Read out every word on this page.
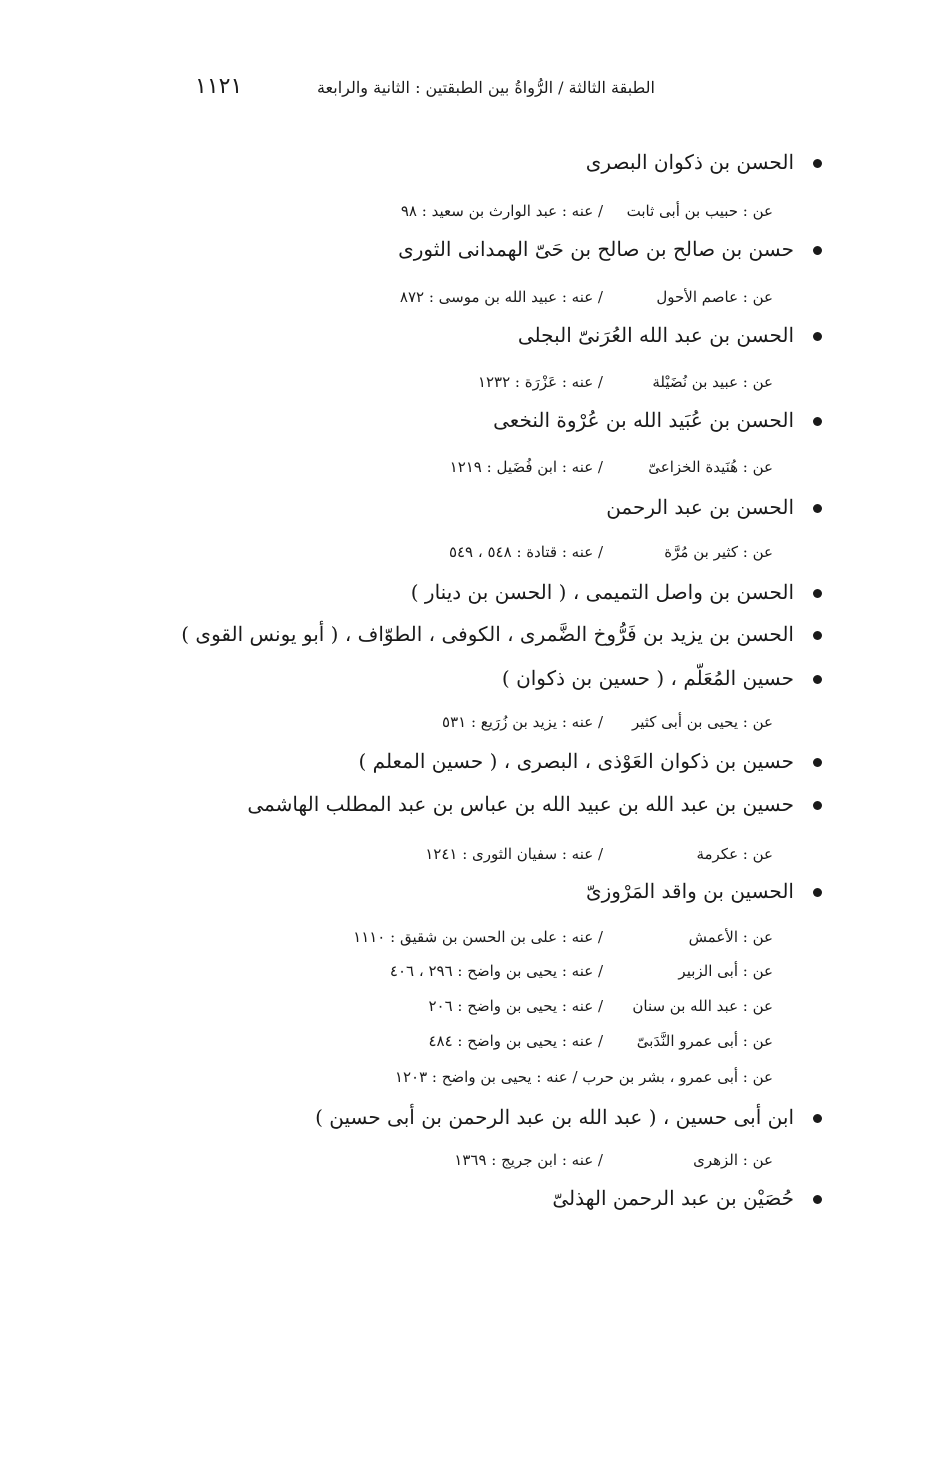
الطبقة الثالثة / الرُّواةُ بين الطبقتين : الثانية والرابعة
١١٢١
الحسن بن ذكوان البصرى
عن : حبيب بن أبى ثابت
/ عنه : عبد الوارث بن سعيد : ٩٨
حسن بن صالح بن صالح بن حَىّ الهمدانى الثورى
عن : عاصم الأحول
/ عنه : عبيد الله بن موسى : ٨٧٢
الحسن بن عبد الله العُرَنىّ البجلى
عن : عبيد بن نُضَيْلة
/ عنه : عَزْرَة : ١٢٣٢
الحسن بن عُبَيد الله بن عُرْوة النخعى
عن : هُنَيدة الخزاعىّ
/ عنه : ابن فُضَيل : ١٢١٩
الحسن بن عبد الرحمن
عن : كثير بن مُرَّة
/ عنه : قتادة : ٥٤٨ ، ٥٤٩
الحسن بن واصل التميمى ، ( الحسن بن دينار )
الحسن بن يزيد بن فَرُّوخ الضَّمرى ، الكوفى ، الطوّاف ، ( أبو يونس القوى )
حسين المُعَلّم ، ( حسين بن ذكوان )
عن : يحيى بن أبى كثير
/ عنه : يزيد بن زُرَيع : ٥٣١
حسين بن ذكوان العَوْذى ، البصرى ، ( حسين المعلم )
حسين بن عبد الله بن عبيد الله بن عباس بن عبد المطلب الهاشمى
عن : عكرمة
/ عنه : سفيان الثورى : ١٢٤١
الحسين بن واقد المَرْوزىّ
عن : الأعمش
/ عنه : على بن الحسن بن شقيق : ١١١٠
عن : أبى الزبير
/ عنه : يحيى بن واضح : ٢٩٦ ، ٤٠٦
عن : عبد الله بن سنان
/ عنه : يحيى بن واضح : ٢٠٦
عن : أبى عمرو النَّدَبىّ
/ عنه : يحيى بن واضح : ٤٨٤
عن : أبى عمرو ، بشر بن حرب / عنه : يحيى بن واضح : ١٢٠٣
ابن أبى حسين ، ( عبد الله بن عبد الرحمن بن أبى حسين )
عن : الزهرى
/ عنه : ابن جريج : ١٣٦٩
حُصَيْن بن عبد الرحمن الهذلىّ
